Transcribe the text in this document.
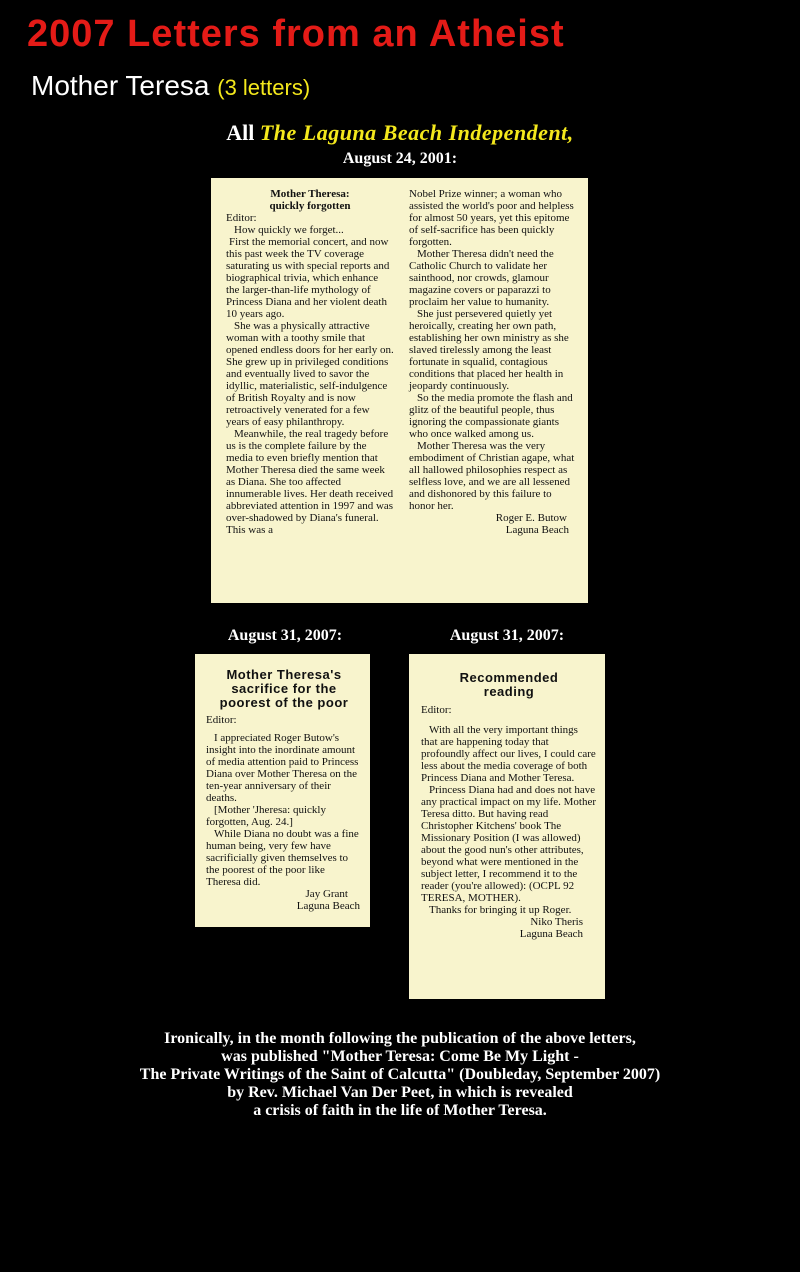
2007 Letters from an Atheist
Mother Teresa (3 letters)
All The Laguna Beach Independent,
August 24, 2001:

Mother Theresa:

quickly forgotten

Editor:

How quickly we forget...

First the memorial concert, and now this past week the TV coverage saturating us with special reports and biographical trivia, which enhance the larger-than-life mythology of Princess Diana and her violent death 10 years ago.

She was a physically attractive woman with a toothy smile that opened endless doors for her early on. She grew up in privileged conditions and eventually lived to savor the idyllic, materialistic, self-indulgence of British Royalty and is now retroactively venerated for a few years of easy philanthropy.

Meanwhile, the real tragedy before us is the complete failure by the media to even briefly mention that Mother Theresa died the same week as Diana. She too affected innumerable lives. Her death received abbreviated attention in 1997 and was over-shadowed by Diana's funeral. This was a

Nobel Prize winner; a woman who assisted the world's poor and helpless for almost 50 years, yet this epitome of self-sacrifice has been quickly forgotten.

Mother Theresa didn't need the Catholic Church to validate her sainthood, nor crowds, glamour magazine covers or paparazzi to proclaim her value to humanity.

She just persevered quietly yet heroically, creating her own path, establishing her own ministry as she slaved tirelessly among the least fortunate in squalid, contagious conditions that placed her health in jeopardy continuously.

So the media promote the flash and glitz of the beautiful people, thus ignoring the compassionate giants who once walked among us.

Mother Theresa was the very embodiment of Christian agape, what all hallowed philosophies respect as selfless love, and we are all lessened and dishonored by this failure to honor her.

Roger E. Butow

Laguna Beach

August 31, 2007:

Mother Theresa's

sacrifice for the

poorest of the poor

Editor:

I appreciated Roger Butow's insight into the inordinate amount of media attention paid to Princess Diana over Mother Theresa on the ten-year anniversary of their deaths.

[Mother 'Jheresa: quickly forgotten, Aug. 24.]

While Diana no doubt was a fine human being, very few have sacrificially given themselves to the poorest of the poor like Theresa did.

Jay Grant

Laguna Beach

August 31, 2007:

Recommended

reading

Editor:

With all the very important things that are happening today that profoundly affect our lives, I could care less about the media coverage of both Princess Diana and Mother Teresa.

Princess Diana had and does not have any practical impact on my life. Mother Teresa ditto. But having read Christopher Kitchens' book The Missionary Position (I was allowed) about the good nun's other attributes, beyond what were mentioned in the subject letter, I recommend it to the reader (you're allowed): (OCPL 92 TERESA, MOTHER).

Thanks for bringing it up Roger.

Niko Theris

Laguna Beach

Ironically, in the month following the publication of the above letters,

was published "Mother Teresa: Come Be My Light -

The Private Writings of the Saint of Calcutta" (Doubleday, September 2007)

by Rev. Michael Van Der Peet, in which is revealed

a crisis of faith in the life of Mother Teresa.
